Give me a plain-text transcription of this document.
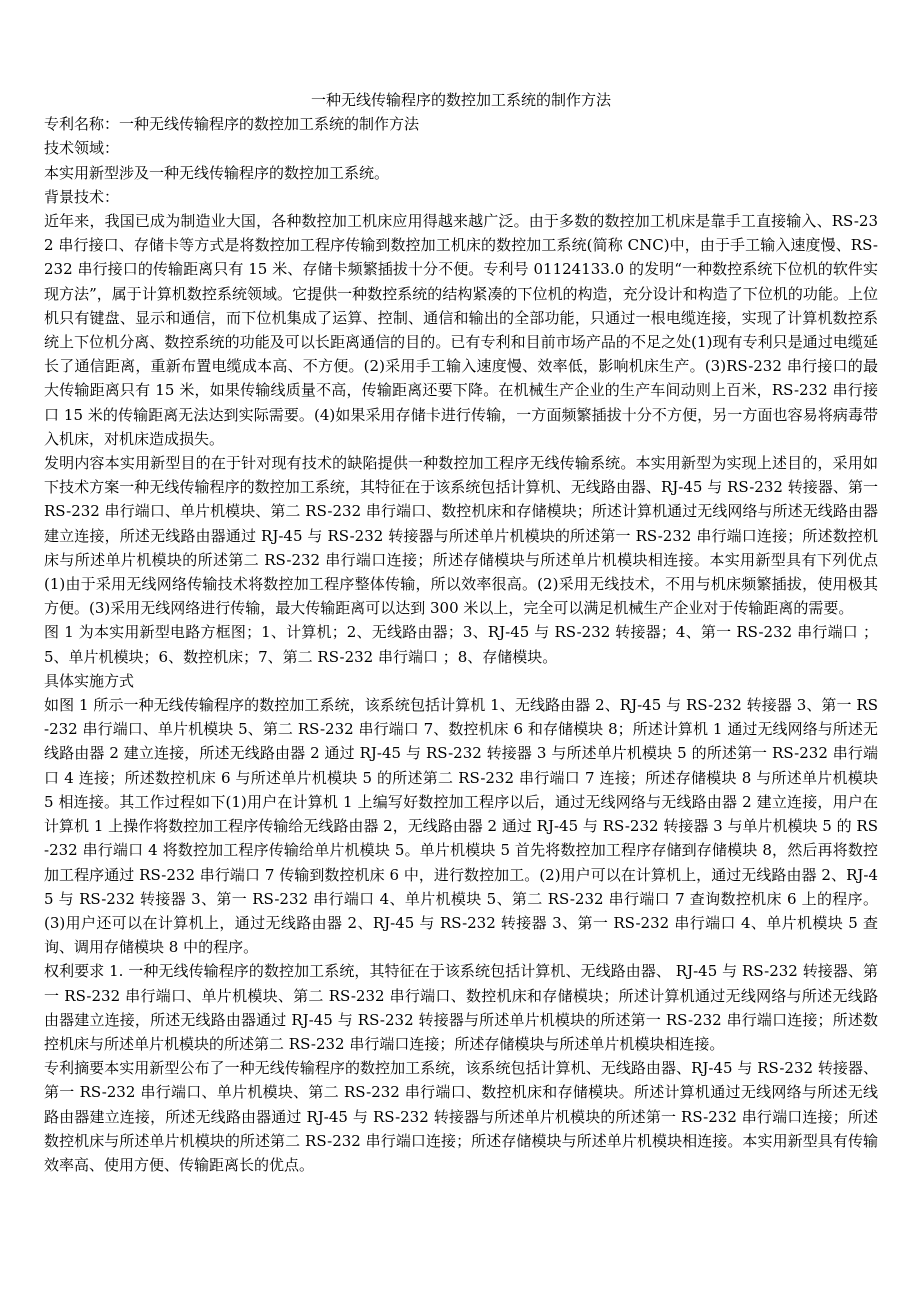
一种无线传输程序的数控加工系统的制作方法

专利名称：一种无线传输程序的数控加工系统的制作方法

技术领域：

本实用新型涉及一种无线传输程序的数控加工系统。

背景技术：

近年来，我国已成为制造业大国，各种数控加工机床应用得越来越广泛。由于多数的数控加工机床是靠手工直接输入、RS-232 串行接口、存储卡等方式是将数控加工程序传输到数控加工机床的数控加工系统(简称 CNC)中，由于手工输入速度慢、RS-232 串行接口的传输距离只有 15 米、存储卡频繁插拔十分不便。专利号 01124133.0 的发明“一种数控系统下位机的软件实现方法”，属于计算机数控系统领域。它提供一种数控系统的结构紧凑的下位机的构造，充分设计和构造了下位机的功能。上位机只有键盘、显示和通信，而下位机集成了运算、控制、通信和输出的全部功能，只通过一根电缆连接，实现了计算机数控系统上下位机分离、数控系统的功能及可以长距离通信的目的。已有专利和目前市场产品的不足之处(1)现有专利只是通过电缆延长了通信距离，重新布置电缆成本高、不方便。(2)采用手工输入速度慢、效率低，影响机床生产。(3)RS-232 串行接口的最大传输距离只有 15 米，如果传输线质量不高，传输距离还要下降。在机械生产企业的生产车间动则上百米，RS-232 串行接口 15 米的传输距离无法达到实际需要。(4)如果采用存储卡进行传输，一方面频繁插拔十分不方便，另一方面也容易将病毒带入机床，对机床造成损失。

发明内容本实用新型目的在于针对现有技术的缺陷提供一种数控加工程序无线传输系统。本实用新型为实现上述目的，采用如下技术方案一种无线传输程序的数控加工系统，其特征在于该系统包括计算机、无线路由器、RJ-45 与 RS-232 转接器、第一 RS-232 串行端口、单片机模块、第二 RS-232 串行端口、数控机床和存储模块；所述计算机通过无线网络与所述无线路由器建立连接，所述无线路由器通过 RJ-45 与 RS-232 转接器与所述单片机模块的所述第一 RS-232 串行端口连接；所述数控机床与所述单片机模块的所述第二 RS-232 串行端口连接；所述存储模块与所述单片机模块相连接。本实用新型具有下列优点(1)由于采用无线网络传输技术将数控加工程序整体传输，所以效率很高。(2)采用无线技术，不用与机床频繁插拔，使用极其方便。(3)采用无线网络进行传输，最大传输距离可以达到 300 米以上，完全可以满足机械生产企业对于传输距离的需要。

图 1 为本实用新型电路方框图；1、计算机；2、无线路由器；3、RJ-45 与 RS-232 转接器；4、第一 RS-232 串行端口 ；5、单片机模块；6、数控机床；7、第二 RS-232 串行端口 ；8、存储模块。

具体实施方式

如图 1 所示一种无线传输程序的数控加工系统，该系统包括计算机 1、无线路由器 2、RJ-45 与 RS-232 转接器 3、第一 RS-232 串行端口、单片机模块 5、第二 RS-232 串行端口 7、数控机床 6 和存储模块 8；所述计算机 1 通过无线网络与所述无线路由器 2 建立连接，所述无线路由器 2 通过 RJ-45 与 RS-232 转接器 3 与所述单片机模块 5 的所述第一 RS-232 串行端口 4 连接；所述数控机床 6 与所述单片机模块 5 的所述第二 RS-232 串行端口 7 连接；所述存储模块 8 与所述单片机模块 5 相连接。其工作过程如下(1)用户在计算机 1 上编写好数控加工程序以后，通过无线网络与无线路由器 2 建立连接，用户在计算机 1 上操作将数控加工程序传输给无线路由器 2，无线路由器 2 通过 RJ-45 与 RS-232 转接器 3 与单片机模块 5 的 RS-232 串行端口 4 将数控加工程序传输给单片机模块 5。单片机模块 5 首先将数控加工程序存储到存储模块 8，然后再将数控加工程序通过 RS-232 串行端口 7 传输到数控机床 6 中，进行数控加工。(2)用户可以在计算机上，通过无线路由器 2、RJ-45 与 RS-232 转接器 3、第一 RS-232 串行端口 4、单片机模块 5、第二 RS-232 串行端口 7 查询数控机床 6 上的程序。(3)用户还可以在计算机上，通过无线路由器 2、RJ-45 与 RS-232 转接器 3、第一 RS-232 串行端口 4、单片机模块 5 查询、调用存储模块 8 中的程序。

权利要求 1. 一种无线传输程序的数控加工系统，其特征在于该系统包括计算机、无线路由器、 RJ-45 与 RS-232 转接器、第一 RS-232 串行端口、单片机模块、第二 RS-232 串行端口、数控机床和存储模块；所述计算机通过无线网络与所述无线路由器建立连接，所述无线路由器通过 RJ-45 与 RS-232 转接器与所述单片机模块的所述第一 RS-232 串行端口连接；所述数控机床与所述单片机模块的所述第二 RS-232 串行端口连接；所述存储模块与所述单片机模块相连接。

专利摘要本实用新型公布了一种无线传输程序的数控加工系统，该系统包括计算机、无线路由器、RJ-45 与 RS-232 转接器、第一 RS-232 串行端口、单片机模块、第二 RS-232 串行端口、数控机床和存储模块。所述计算机通过无线网络与所述无线路由器建立连接，所述无线路由器通过 RJ-45 与 RS-232 转接器与所述单片机模块的所述第一 RS-232 串行端口连接；所述数控机床与所述单片机模块的所述第二 RS-232 串行端口连接；所述存储模块与所述单片机模块相连接。本实用新型具有传输效率高、使用方便、传输距离长的优点。
